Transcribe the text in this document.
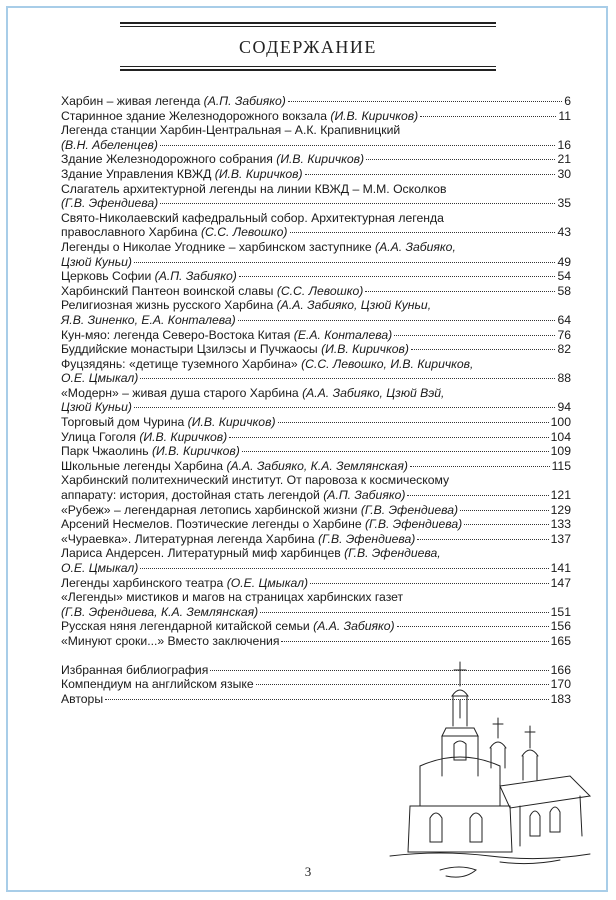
СОДЕРЖАНИЕ
Харбин – живая легенда (А.П. Забияко)	6
Старинное здание Железнодорожного вокзала (И.В. Киричков)	11
Легенда станции Харбин-Центральная – А.К. Крапивницкий
(В.Н. Абеленцев)	16
Здание Железнодорожного собрания (И.В. Киричков)	21
Здание Управления КВЖД (И.В. Киричков)	30
Слагатель архитектурной легенды на линии КВЖД – М.М. Осколков
(Г.В. Эфендиева)	35
Свято-Николаевский кафедральный собор. Архитектурная легенда
православного Харбина (С.С. Левошко)	43
Легенды о Николае Угоднике – харбинском заступнике (А.А. Забияко,
Цзюй Куньи)	49
Церковь Софии (А.П. Забияко)	54
Харбинский Пантеон воинской славы (С.С. Левошко)	58
Религиозная жизнь русского Харбина (А.А. Забияко, Цзюй Куньи,
Я.В. Зиненко, Е.А. Конталева)	64
Кун-мяо: легенда Северо-Востока Китая (Е.А. Конталева)	76
Буддийские монастыри Цзилэсы и Пучжаосы (И.В. Киричков)	82
Фуцзядянь: «детище туземного Харбина» (С.С. Левошко, И.В. Киричков,
О.Е. Цмыкал)	88
«Модерн» – живая душа старого Харбина (А.А. Забияко, Цзюй Вэй,
Цзюй Куньи)	94
Торговый дом Чурина (И.В. Киричков)	100
Улица Гоголя (И.В. Киричков)	104
Парк Чжаолинь (И.В. Киричков)	109
Школьные легенды Харбина (А.А. Забияко, К.А. Землянская)	115
Харбинский политехнический институт. От паровоза к космическому
аппарату: история, достойная стать легендой (А.П. Забияко)	121
«Рубеж» – легендарная летопись харбинской жизни (Г.В. Эфендиева)	129
Арсений Несмелов. Поэтические легенды о Харбине (Г.В. Эфендиева)	133
«Чураевка». Литературная легенда Харбина (Г.В. Эфендиева)	137
Лариса Андерсен. Литературный миф харбинцев (Г.В. Эфендиева,
О.Е. Цмыкал)	141
Легенды харбинского театра (О.Е. Цмыкал)	147
«Легенды» мистиков и магов на страницах харбинских газет
(Г.В. Эфендиева, К.А. Землянская)	151
Русская няня легендарной китайской семьи (А.А. Забияко)	156
«Минуют сроки...» Вместо заключения	165
Избранная библиография	166
Компендиум на английском языке	170
Авторы	183
3
